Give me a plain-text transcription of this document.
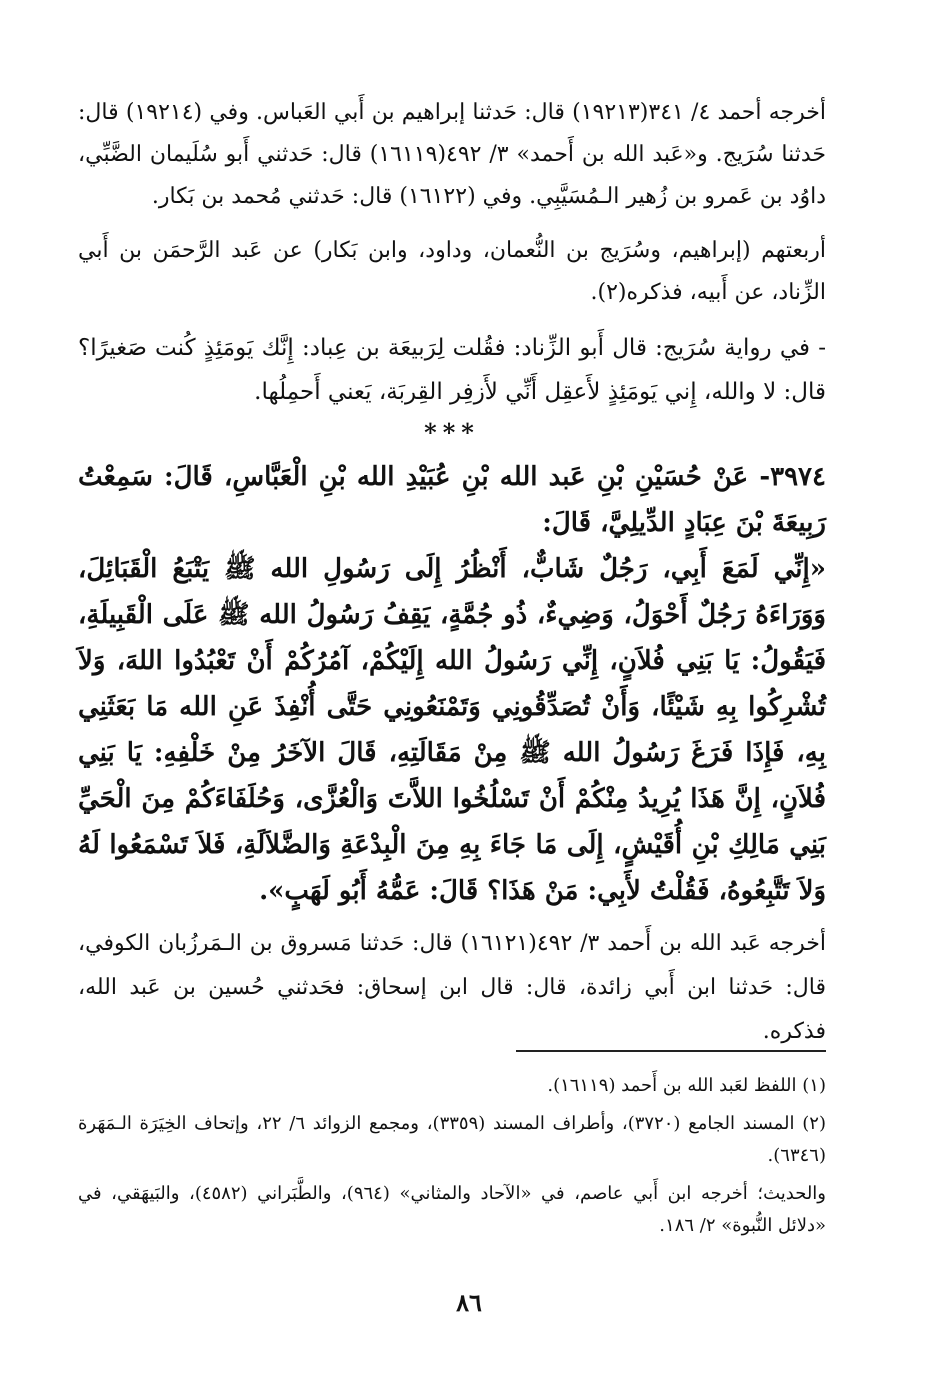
أخرجه أحمد ٤/ ٣٤١(١٩٢١٣) قال: حَدثنا إبراهيم بن أَبي العَباس. وفي (١٩٢١٤) قال: حَدثنا سُرَيج. و«عَبد الله بن أَحمد» ٣/ ٤٩٢(١٦١١٩) قال: حَدثني أَبو سُلَيمان الضَّبِّي، داوُد بن عَمرو بن زُهير الـمُسَيَّبِي. وفي (١٦١٢٢) قال: حَدثني مُحمد بن بَكار.

أربعتهم (إبراهيم، وسُرَيج بن النُّعمان، وداود، وابن بَكار) عن عَبد الرَّحمَن بن أَبي الزِّناد، عن أَبيه، فذكره(٢).

- في رواية سُرَيج: قال أَبو الزِّناد: فقُلت لِرَبيعَة بن عِباد: إِنَّك يَومَئِذٍ كُنت صَغيرًا؟ قال: لا والله، إِني يَومَئِذٍ لأَعقِل أَنِّي لأَزفِر القِربَة، يَعني أَحمِلُها.

***

٣٩٧٤- عَنْ حُسَيْنِ بْنِ عَبد الله بْنِ عُبَيْدِ الله بْنِ الْعَبَّاسِ، قَالَ: سَمِعْتُ رَبِيعَةَ بْنَ عِبَادٍ الدِّيلِيَّ، قَالَ:

«إِنِّي لَمَعَ أَبِي، رَجُلٌ شَابٌّ، أَنْظُرُ إِلَى رَسُولِ الله ﷺ يَتْبَعُ الْقَبَائِلَ، وَوَرَاءَهُ رَجُلٌ أَحْوَلُ، وَضِيءٌ، ذُو جُمَّةٍ، يَقِفُ رَسُولُ الله ﷺ عَلَى الْقَبِيلَةِ، فَيَقُولُ: يَا بَنِي فُلاَنٍ، إِنِّي رَسُولُ الله إِلَيْكُمْ، آمُرُكُمْ أَنْ تَعْبُدُوا اللهَ، وَلاَ تُشْرِكُوا بِهِ شَيْئًا، وَأَنْ تُصَدِّقُونِي وَتَمْنَعُونِي حَتَّى أُنْفِذَ عَنِ الله مَا بَعَثَنِي بِهِ، فَإِذَا فَرَغَ رَسُولُ الله ﷺ مِنْ مَقَالَتِهِ، قَالَ الآخَرُ مِنْ خَلْفِهِ: يَا بَنِي فُلاَنٍ، إِنَّ هَذَا يُرِيدُ مِنْكُمْ أَنْ تَسْلُخُوا اللاَّتَ وَالْعُزَّى، وَحُلَفَاءَكُمْ مِنَ الْحَيِّ بَنِي مَالِكِ بْنِ أُقَيْشٍ، إِلَى مَا جَاءَ بِهِ مِنَ الْبِدْعَةِ وَالضَّلاَلَةِ، فَلاَ تَسْمَعُوا لَهُ وَلاَ تَتَّبِعُوهُ، فَقُلْتُ لأَبِي: مَنْ هَذَا؟ قَالَ: عَمُّهُ أَبُو لَهَبٍ».

أخرجه عَبد الله بن أَحمد ٣/ ٤٩٢(١٦١٢١) قال: حَدثنا مَسروق بن الـمَرزُبان الكوفي، قال: حَدثنا ابن أَبي زائدة، قال: قال ابن إسحاق: فحَدثني حُسين بن عَبد الله، فذكره.

(١) اللفظ لعَبد الله بن أَحمد (١٦١١٩).

(٢) المسند الجامع (٣٧٢٠)، وأطراف المسند (٣٣٥٩)، ومجمع الزوائد ٦/ ٢٢، وإتحاف الخِيَرَة الـمَهَرة (٦٣٤٦).

والحديث؛ أخرجه ابن أَبي عاصم، في «الآحاد والمثاني» (٩٦٤)، والطَّبَراني (٤٥٨٢)، والبَيهَقي، في «دلائل النُّبوة» ٢/ ١٨٦.

٨٦
